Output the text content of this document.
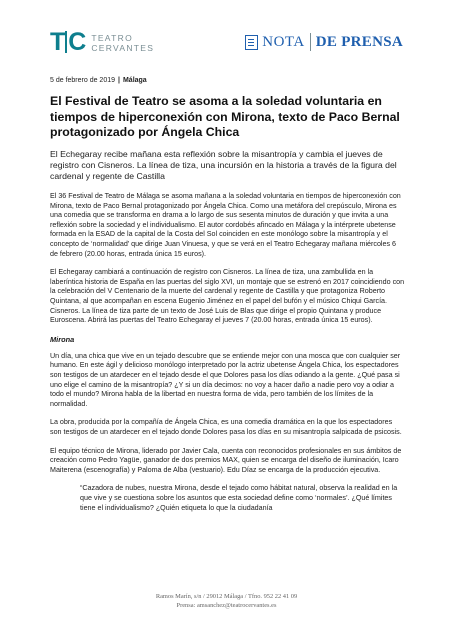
T C TEATRO
CERVANTES	NOTA DE PRENSA
5 de febrero de 2019 | Málaga
El Festival de Teatro se asoma a la soledad voluntaria en tiempos de hiperconexión con Mirona, texto de Paco Bernal protagonizado por Ángela Chica

El Echegaray recibe mañana esta reflexión sobre la misantropía y cambia el jueves de registro con Cisneros. La línea de tiza, una incursión en la historia a través de la figura del cardenal y regente de Castilla

El 36 Festival de Teatro de Málaga se asoma mañana a la soledad voluntaria en tiempos de hiperconexión con Mirona, texto de Paco Bernal protagonizado por Ángela Chica. Como una metáfora del crepúsculo, Mirona es una comedia que se transforma en drama a lo largo de sus sesenta minutos de duración y que invita a una reflexión sobre la sociedad y el individualismo. El autor cordobés afincado en Málaga y la intérprete ubetense formada en la ESAD de la capital de la Costa del Sol coinciden en este monólogo sobre la misantropía y el concepto de ‘normalidad’ que dirige Juan Vinuesa, y que se verá en el Teatro Echegaray mañana miércoles 6 de febrero (20.00 horas, entrada única 15 euros).

El Echegaray cambiará a continuación de registro con Cisneros. La línea de tiza, una zambullida en la laberíntica historia de España en las puertas del siglo XVI, un montaje que se estrenó en 2017 coincidiendo con la celebración del V Centenario de la muerte del cardenal y regente de Castilla y que protagoniza Roberto Quintana, al que acompañan en escena Eugenio Jiménez en el papel del bufón y el músico Chiqui García. Cisneros. La línea de tiza parte de un texto de José Luis de Blas que dirige el propio Quintana y produce Euroscena. Abrirá las puertas del Teatro Echegaray el jueves 7 (20.00 horas, entrada única 15 euros).

Mirona

Un día, una chica que vive en un tejado descubre que se entiende mejor con una mosca que con cualquier ser humano. En este ágil y delicioso monólogo interpretado por la actriz ubetense Ángela Chica, los espectadores son testigos de un atardecer en el tejado desde el que Dolores pasa los días odiando a la gente. ¿Qué pasa si uno elige el camino de la misantropía? ¿Y si un día decimos: no voy a hacer daño a nadie pero voy a odiar a todo el mundo? Mirona habla de la libertad en nuestra forma de vida, pero también de los límites de la normalidad.

La obra, producida por la compañía de Ángela Chica, es una comedia dramática en la que los espectadores son testigos de un atardecer en el tejado donde Dolores pasa los días en su misantropía salpicada de psicosis.

El equipo técnico de Mirona, liderado por Javier Cala, cuenta con reconocidos profesionales en sus ámbitos de creación como Pedro Yagüe, ganador de dos premios MAX, quien se encarga del diseño de iluminación, Icaro Maiterena (escenografía) y Paloma de Alba (vestuario). Edu Díaz se encarga de la producción ejecutiva.

“Cazadora de nubes, nuestra Mirona, desde el tejado como hábitat natural, observa la realidad en la que vive y se cuestiona sobre los asuntos que esta sociedad define como ‘normales’. ¿Qué límites tiene el individualismo? ¿Quién etiqueta lo que la ciudadanía

Ramos Marín, s/n / 29012 Málaga / Tfno. 952 22 41 09
Prensa: amsanchez@teatrocervantes.es
